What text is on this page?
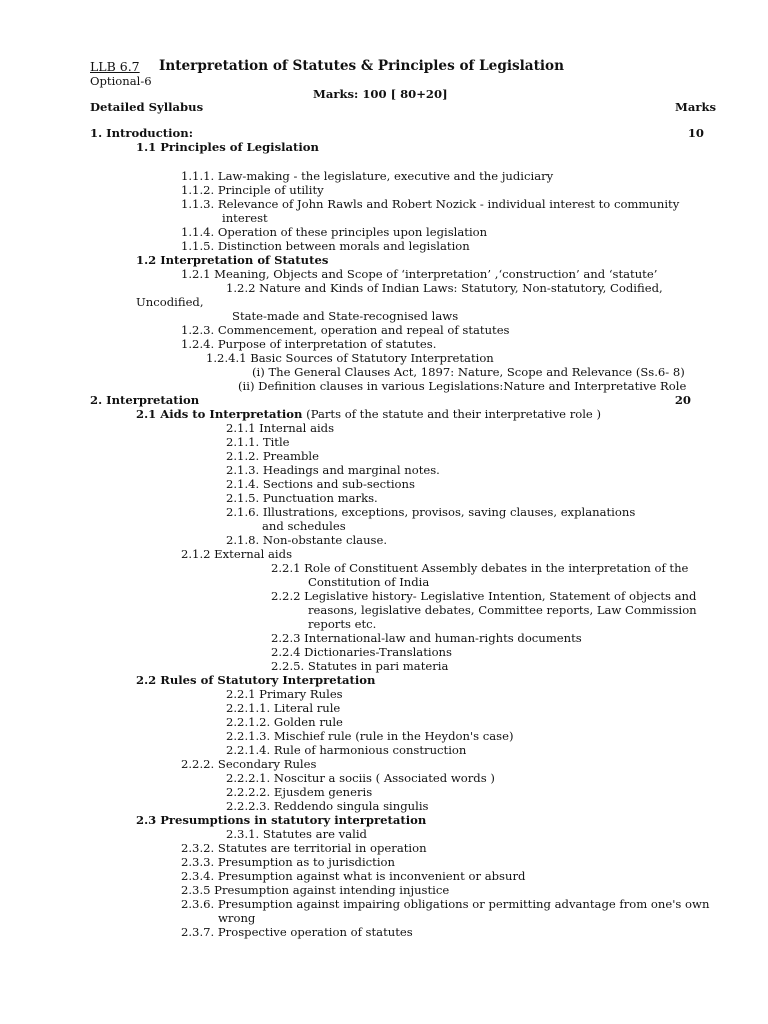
LLB 6.7 Interpretation of Statutes & Principles of Legislation
Optional-6
Marks: 100 [ 80+20]
Detailed Syllabus	Marks
1. Introduction:	10
1.1 Principles of Legislation
1.1.1. Law-making - the legislature, executive and the judiciary
1.1.2. Principle of utility
1.1.3. Relevance of John Rawls and Robert Nozick - individual interest to community
interest
1.1.4. Operation of these principles upon legislation
1.1.5. Distinction between morals and legislation
1.2 Interpretation of Statutes
1.2.1 Meaning, Objects and Scope of ‘interpretation’ ,‘construction’ and ‘statute’
1.2.2 Nature and Kinds of Indian Laws: Statutory, Non-statutory, Codified,
Uncodified,
State-made and State-recognised laws
1.2.3. Commencement, operation and repeal of statutes
1.2.4. Purpose of interpretation of statutes.
1.2.4.1 Basic Sources of Statutory Interpretation
(i) The General Clauses Act, 1897: Nature, Scope and Relevance (Ss.6- 8)
(ii) Definition clauses in various Legislations:Nature and Interpretative Role
2. Interpretation	20
2.1 Aids to Interpretation (Parts of the statute and their interpretative role )
2.1.1 Internal aids
2.1.1. Title
2.1.2. Preamble
2.1.3. Headings and marginal notes.
2.1.4. Sections and sub-sections
2.1.5. Punctuation marks.
2.1.6. Illustrations, exceptions, provisos, saving clauses, explanations
and schedules
2.1.8. Non-obstante clause.
2.1.2 External aids
2.2.1 Role of Constituent Assembly debates in the interpretation of the
Constitution of India
2.2.2 Legislative history- Legislative Intention, Statement of objects and
reasons, legislative debates, Committee reports, Law Commission
reports etc.
2.2.3 International-law and human-rights documents
2.2.4 Dictionaries-Translations
2.2.5. Statutes in pari materia
2.2 Rules of Statutory Interpretation
2.2.1 Primary Rules
2.2.1.1. Literal rule
2.2.1.2. Golden rule
2.2.1.3. Mischief rule (rule in the Heydon's case)
2.2.1.4. Rule of harmonious construction
2.2.2. Secondary Rules
2.2.2.1. Noscitur a sociis ( Associated words )
2.2.2.2. Ejusdem generis
2.2.2.3. Reddendo singula singulis
2.3 Presumptions in statutory interpretation
2.3.1. Statutes are valid
2.3.2. Statutes are territorial in operation
2.3.3. Presumption as to jurisdiction
2.3.4. Presumption against what is inconvenient or absurd
2.3.5 Presumption against intending injustice
2.3.6. Presumption against impairing obligations or permitting advantage from one's own
wrong
2.3.7. Prospective operation of statutes
